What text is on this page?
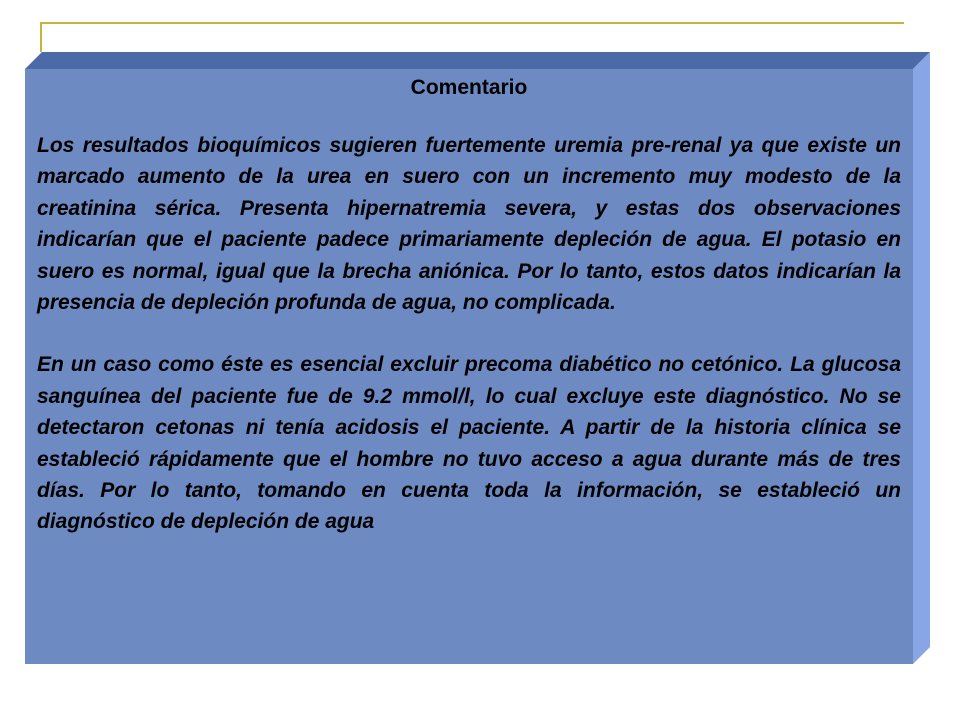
Comentario

Los resultados bioquímicos sugieren fuertemente uremia pre-renal ya que existe un marcado aumento de la urea en suero con un incremento muy modesto de la creatinina sérica. Presenta hipernatremia severa, y estas dos observaciones indicarían que el paciente padece primariamente depleción de agua. El potasio en suero es normal, igual que la brecha aniónica. Por lo tanto, estos datos indicarían la presencia de depleción profunda de agua, no complicada.

En un caso como éste es esencial excluir precoma diabético no cetónico. La glucosa sanguínea del paciente fue de 9.2 mmol/l, lo cual excluye este diagnóstico. No se detectaron cetonas ni tenía acidosis el paciente. A partir de la historia clínica se estableció rápidamente que el hombre no tuvo acceso a agua durante más de tres días. Por lo tanto, tomando en cuenta toda la información, se estableció un diagnóstico de depleción de agua
